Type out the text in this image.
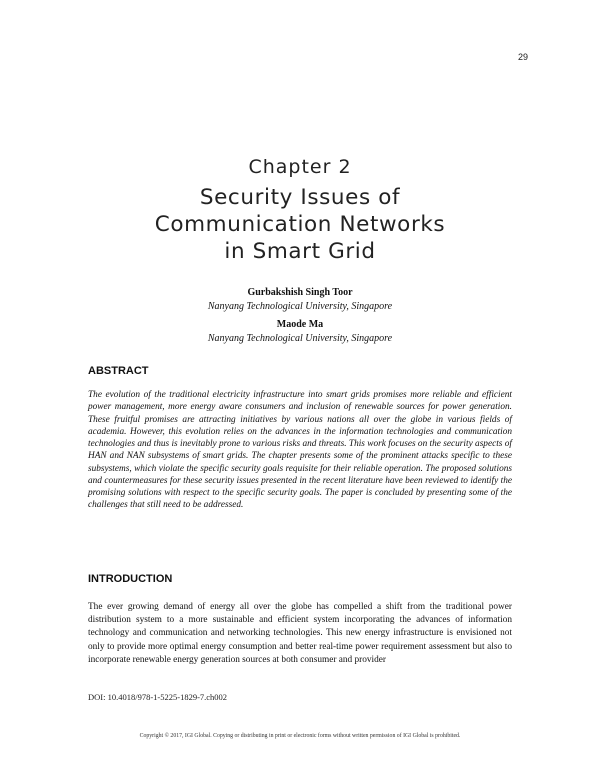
29
Chapter 2
Security Issues of
Communication Networks
in Smart Grid
Gurbakshish Singh Toor
Nanyang Technological University, Singapore
Maode Ma
Nanyang Technological University, Singapore
ABSTRACT

The evolution of the traditional electricity infrastructure into smart grids promises more reliable and efficient power management, more energy aware consumers and inclusion of renewable sources for power generation. These fruitful promises are attracting initiatives by various nations all over the globe in various fields of academia. However, this evolution relies on the advances in the information technologies and communication technologies and thus is inevitably prone to various risks and threats. This work focuses on the security aspects of HAN and NAN subsystems of smart grids. The chapter presents some of the prominent attacks specific to these subsystems, which violate the specific security goals requisite for their reliable operation. The proposed solutions and countermeasures for these security issues presented in the recent literature have been reviewed to identify the promising solutions with respect to the specific security goals. The paper is concluded by presenting some of the challenges that still need to be addressed.

INTRODUCTION

The ever growing demand of energy all over the globe has compelled a shift from the traditional power distribution system to a more sustainable and efficient system incorporating the advances of information technology and communication and networking technologies. This new energy infrastructure is envisioned not only to provide more optimal energy consumption and better real-time power requirement assessment but also to incorporate renewable energy generation sources at both consumer and provider

DOI: 10.4018/978-1-5225-1829-7.ch002
Copyright © 2017, IGI Global. Copying or distributing in print or electronic forms without written permission of IGI Global is prohibited.
